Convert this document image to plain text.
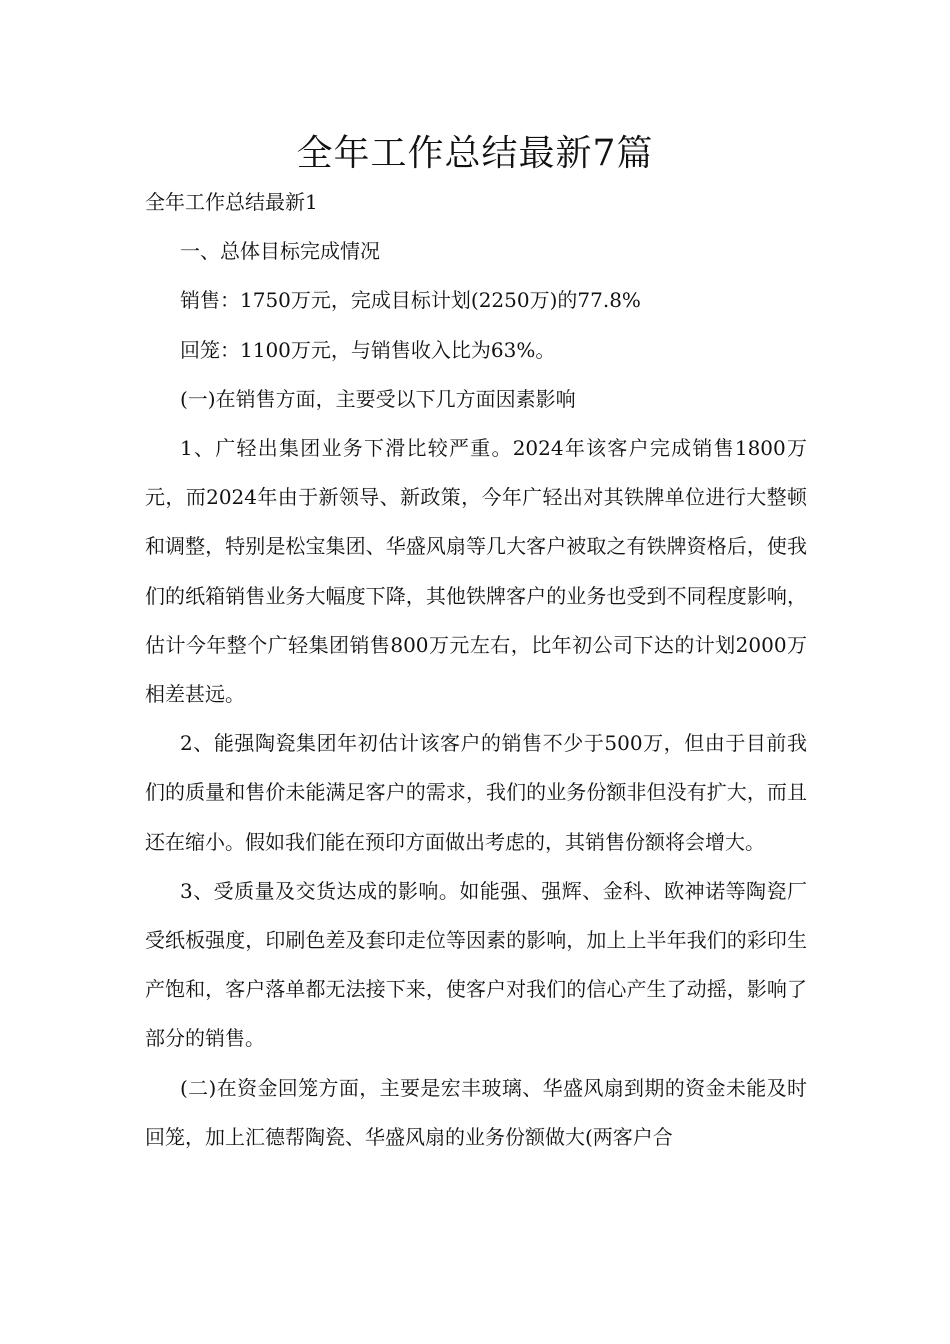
全年工作总结最新7篇

全年工作总结最新1

一、总体目标完成情况

销售：1750万元，完成目标计划(2250万)的77.8%

回笼：1100万元，与销售收入比为63%。

(一)在销售方面，主要受以下几方面因素影响

1、广轻出集团业务下滑比较严重。2024年该客户完成销售1800万元，而2024年由于新领导、新政策，今年广轻出对其铁牌单位进行大整顿和调整，特别是松宝集团、华盛风扇等几大客户被取之有铁牌资格后，使我们的纸箱销售业务大幅度下降，其他铁牌客户的业务也受到不同程度影响，估计今年整个广轻集团销售800万元左右，比年初公司下达的计划2000万相差甚远。

2、能强陶瓷集团年初估计该客户的销售不少于500万，但由于目前我们的质量和售价未能满足客户的需求，我们的业务份额非但没有扩大，而且还在缩小。假如我们能在预印方面做出考虑的，其销售份额将会增大。

3、受质量及交货达成的影响。如能强、强辉、金科、欧神诺等陶瓷厂受纸板强度，印刷色差及套印走位等因素的影响，加上上半年我们的彩印生产饱和，客户落单都无法接下来，使客户对我们的信心产生了动摇，影响了部分的销售。

(二)在资金回笼方面，主要是宏丰玻璃、华盛风扇到期的资金未能及时回笼，加上汇德帮陶瓷、华盛风扇的业务份额做大(两客户合
